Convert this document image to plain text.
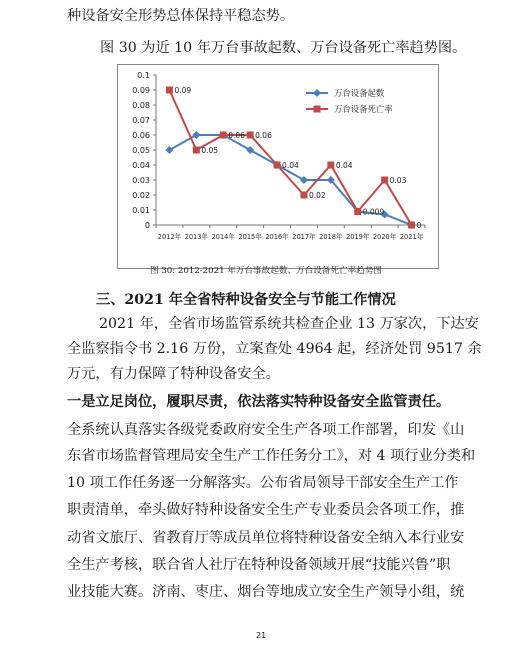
种设备安全形势总体保持平稳态势。
图 30 为近 10 年万台事故起数、万台设备死亡率趋势图。
0
0.01
0.02
0.03
0.04
0.05
0.06
0.07
0.08
0.09
0.1
2012年 2013年 2014年 2015年 2016年 2017年 2018年 2019年 2020年 2021年
0.09
0.05
0.06 0.06
0.04
0.02
0.04
0.009
0.03
0
万台设备起数
万台设备死亡率
图 30: 2012-2021 年万台事故起数、万台设备死亡率趋势图
三、2021 年全省特种设备安全与节能工作情况
2021 年，全省市场监管系统共检查企业 13 万家次，下达安
全监察指令书 2.16 万份，立案查处 4964 起，经济处罚 9517 余
万元，有力保障了特种设备安全。
一是立足岗位，履职尽责，依法落实特种设备安全监管责任。
全系统认真落实各级党委政府安全生产各项工作部署，印发《山
东省市场监督管理局安全生产工作任务分工》，对 4 项行业分类和
10 项工作任务逐一分解落实。公布省局领导干部安全生产工作
职责清单，牵头做好特种设备安全生产专业委员会各项工作，推
动省文旅厅、省教育厅等成员单位将特种设备安全纳入本行业安
全生产考核，联合省人社厅在特种设备领域开展“技能兴鲁”职
业技能大赛。济南、枣庄、烟台等地成立安全生产领导小组，统
21
